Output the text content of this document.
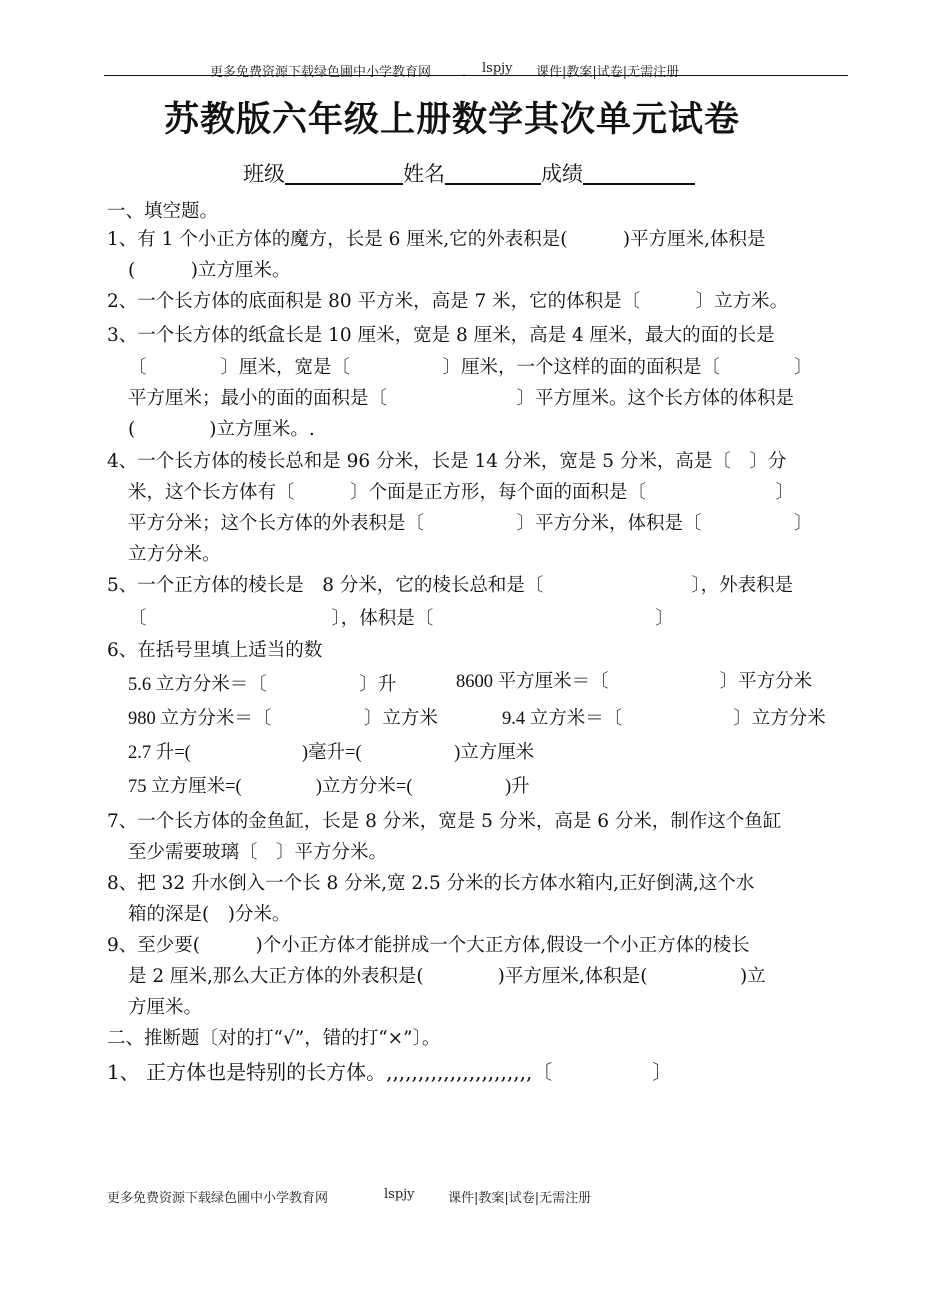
更多免费资源下载绿色圃中小学教育网 ． lspjy 课件|教案|试卷|无需注册
苏教版六年级上册数学其次单元试卷
班级	姓名	成绩
一、填空题。
1、有 1 个小正方体的魔方，长是 6 厘米,它的外表积是(　　　)平方厘米,体积是
(　　　)立方厘米。
2、一个长方体的底面积是 80 平方米，高是 7 米，它的体积是〔　　　〕立方米。
3、一个长方体的纸盒长是 10 厘米，宽是 8 厘米，高是 4 厘米，最大的面的长是
〔　　　　〕厘米，宽是〔　　　　　〕厘米，一个这样的面的面积是〔　　　　〕
平方厘米；最小的面的面积是〔　　　　　　　〕平方厘米。这个长方体的体积是
(　　　　)立方厘米。.
4、一个长方体的棱长总和是 96 分米，长是 14 分米，宽是 5 分米，高是〔　〕分
米，这个长方体有〔　　　〕个面是正方形，每个面的面积是〔　　　　　　　〕
平方分米；这个长方体的外表积是〔　　　　　〕平方分米，体积是〔　　　　　〕
立方分米。
5、一个正方体的棱长是　8 分米，它的棱长总和是〔　　　　　　　　〕，外表积是
〔　　　　　　　　　　〕，体积是〔　　　　　　　　　　　　〕
6、在括号里填上适当的数
5.6 立方分米＝〔　　　　　〕升	8600 平方厘米＝〔　　　　　　〕平方分米
980 立方分米＝〔　　　　　〕立方米	9.4 立方米＝〔　　　　　　〕立方分米
2.7 升=(　　　　　　)毫升=(　　　　　)立方厘米
75 立方厘米=(　　　　)立方分米=(　　　　　)升
7、一个长方体的金鱼缸，长是 8 分米，宽是 5 分米，高是 6 分米，制作这个鱼缸
至少需要玻璃〔　〕平方分米。
8、把 32 升水倒入一个长 8 分米,宽 2.5 分米的长方体水箱内,正好倒满,这个水
箱的深是(　)分米。
9、至少要(　　　)个小正方体才能拼成一个大正方体,假设一个小正方体的棱长
是 2 厘米,那么大正方体的外表积是(　　　　)平方厘米,体积是(　　　　　)立
方厘米。
二、推断题〔对的打“√”，错的打“×”〕。
1、 正方体也是特别的长方体。,,,,,,,,,,,,,,,,,,,,,,,〔　　　　　〕
更多免费资源下载绿色圃中小学教育网	lspjy	课件|教案|试卷|无需注册
